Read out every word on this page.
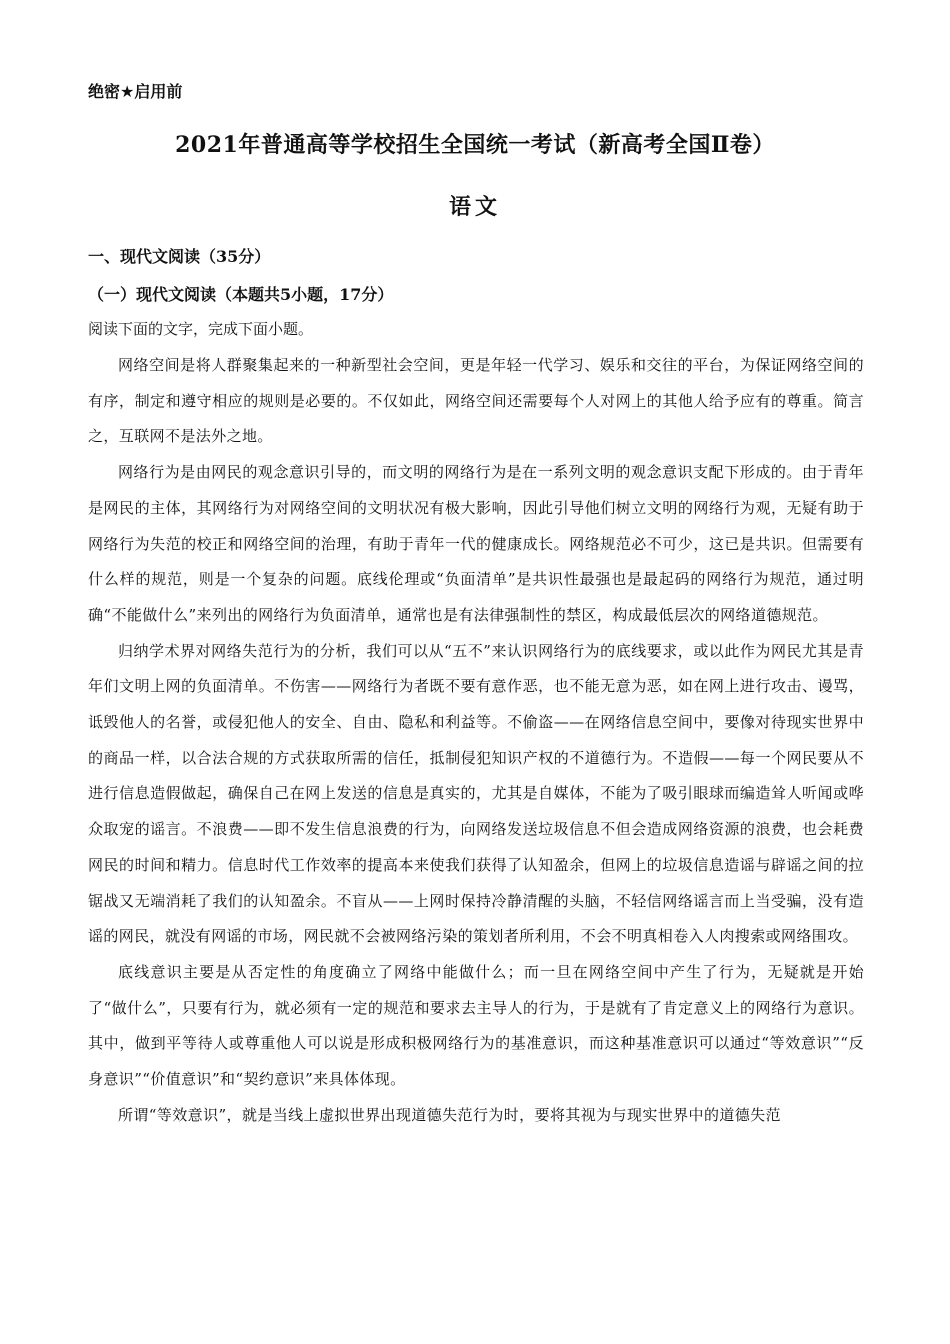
绝密★启用前
2021年普通高等学校招生全国统一考试（新高考全国Ⅱ卷）
语文
一、现代文阅读（35分）
（一）现代文阅读（本题共5小题，17分）
阅读下面的文字，完成下面小题。

网络空间是将人群聚集起来的一种新型社会空间，更是年轻一代学习、娱乐和交往的平台，为保证网络空间的有序，制定和遵守相应的规则是必要的。不仅如此，网络空间还需要每个人对网上的其他人给予应有的尊重。简言之，互联网不是法外之地。

网络行为是由网民的观念意识引导的，而文明的网络行为是在一系列文明的观念意识支配下形成的。由于青年是网民的主体，其网络行为对网络空间的文明状况有极大影响，因此引导他们树立文明的网络行为观，无疑有助于网络行为失范的校正和网络空间的治理，有助于青年一代的健康成长。网络规范必不可少，这已是共识。但需要有什么样的规范，则是一个复杂的问题。底线伦理或“负面清单”是共识性最强也是最起码的网络行为规范，通过明确“不能做什么”来列出的网络行为负面清单，通常也是有法律强制性的禁区，构成最低层次的网络道德规范。

归纳学术界对网络失范行为的分析，我们可以从“五不”来认识网络行为的底线要求，或以此作为网民尤其是青年们文明上网的负面清单。不伤害——网络行为者既不要有意作恶，也不能无意为恶，如在网上进行攻击、谩骂，诋毁他人的名誉，或侵犯他人的安全、自由、隐私和利益等。不偷盗——在网络信息空间中，要像对待现实世界中的商品一样，以合法合规的方式获取所需的信任，抵制侵犯知识产权的不道德行为。不造假——每一个网民要从不进行信息造假做起，确保自己在网上发送的信息是真实的，尤其是自媒体，不能为了吸引眼球而编造耸人听闻或哗众取宠的谣言。不浪费——即不发生信息浪费的行为，向网络发送垃圾信息不但会造成网络资源的浪费，也会耗费网民的时间和精力。信息时代工作效率的提高本来使我们获得了认知盈余，但网上的垃圾信息造谣与辟谣之间的拉锯战又无端消耗了我们的认知盈余。不盲从——上网时保持冷静清醒的头脑，不轻信网络谣言而上当受骗，没有造谣的网民，就没有网谣的市场，网民就不会被网络污染的策划者所利用，不会不明真相卷入人肉搜索或网络围攻。

底线意识主要是从否定性的角度确立了网络中能做什么；而一旦在网络空间中产生了行为，无疑就是开始了“做什么”，只要有行为，就必须有一定的规范和要求去主导人的行为，于是就有了肯定意义上的网络行为意识。其中，做到平等待人或尊重他人可以说是形成积极网络行为的基准意识，而这种基准意识可以通过“等效意识”“反身意识”“价值意识”和“契约意识”来具体体现。

所谓“等效意识”，就是当线上虚拟世界出现道德失范行为时，要将其视为与现实世界中的道德失范
